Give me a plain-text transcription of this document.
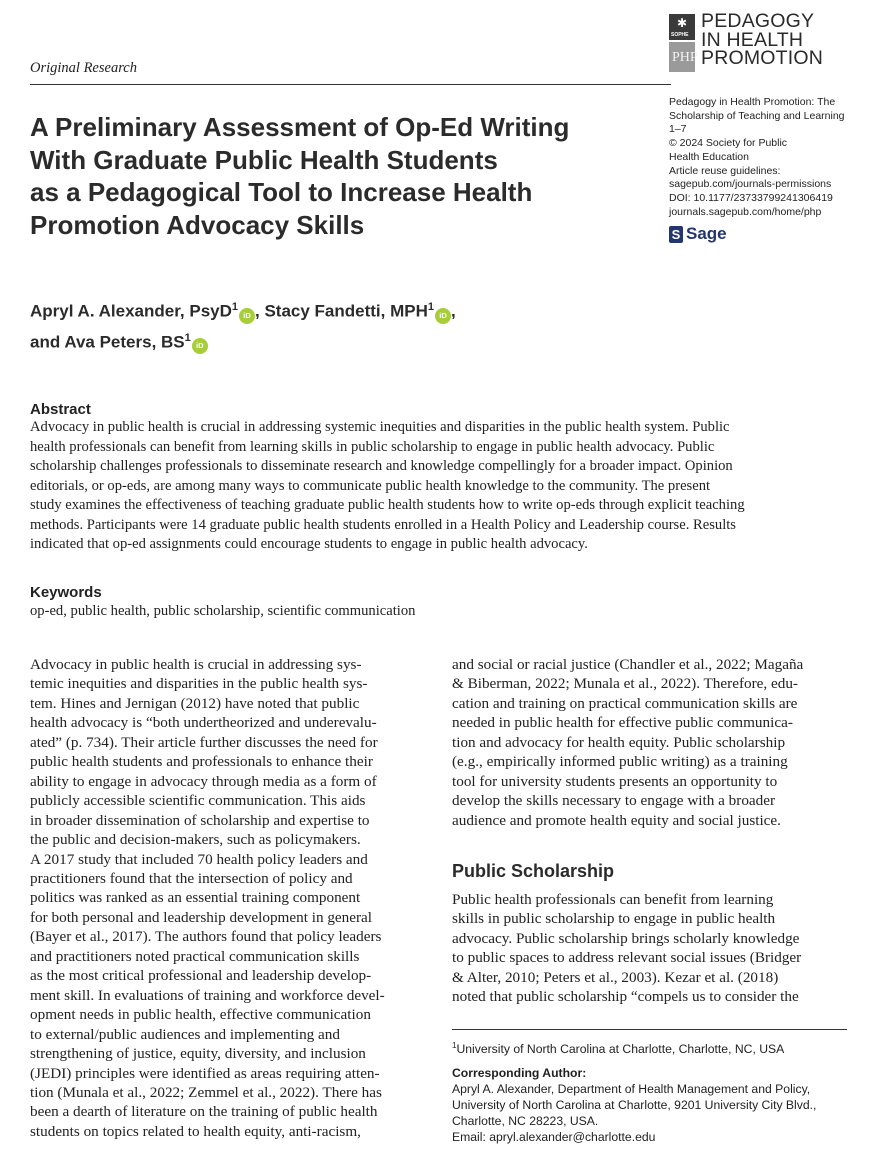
✱
SOPHE
PHP
PEDAGOGY
IN HEALTH
PROMOTION
Original Research
A Preliminary Assessment of Op-Ed Writing
With Graduate Public Health Students
as a Pedagogical Tool to Increase Health
Promotion Advocacy Skills
Pedagogy in Health Promotion: The
Scholarship of Teaching and Learning
1–7
© 2024 Society for Public
Health Education
Article reuse guidelines:
sagepub.com/journals-permissions
DOI: 10.1177/23733799241306419
journals.sagepub.com/home/php
S Sage
Apryl A. Alexander, PsyD$^1$iD , Stacy Fandetti, MPH$^1$iD ,
and Ava Peters, $BS^1iD$
Abstract
Advocacy in public health is crucial in addressing systemic inequities and disparities in the public health system. Public
health professionals can benefit from learning skills in public scholarship to engage in public health advocacy. Public
scholarship challenges professionals to disseminate research and knowledge compellingly for a broader impact. Opinion
editorials, or op-eds, are among many ways to communicate public health knowledge to the community. The present
study examines the effectiveness of teaching graduate public health students how to write op-eds through explicit teaching
methods. Participants were 14 graduate public health students enrolled in a Health Policy and Leadership course. Results
indicated that op-ed assignments could encourage students to engage in public health advocacy.
Keywords
op-ed, public health, public scholarship, scientific communication
Advocacy in public health is crucial in addressing sys-
temic inequities and disparities in the public health sys-
tem. Hines and Jernigan (2012) have noted that public
health advocacy is “both undertheorized and underevalu-
ated” (p. 734). Their article further discusses the need for
public health students and professionals to enhance their
ability to engage in advocacy through media as a form of
publicly accessible scientific communication. This aids
in broader dissemination of scholarship and expertise to
the public and decision-makers, such as policymakers.
A 2017 study that included 70 health policy leaders and
practitioners found that the intersection of policy and
politics was ranked as an essential training component
for both personal and leadership development in general
(Bayer et al., 2017). The authors found that policy leaders
and practitioners noted practical communication skills
as the most critical professional and leadership develop-
ment skill. In evaluations of training and workforce devel-
opment needs in public health, effective communication
to external/public audiences and implementing and
strengthening of justice, equity, diversity, and inclusion
(JEDI) principles were identified as areas requiring atten-
tion (Munala et al., 2022; Zemmel et al., 2022). There has
been a dearth of literature on the training of public health
students on topics related to health equity, anti-racism,
and social or racial justice (Chandler et al., 2022; Magaña
& Biberman, 2022; Munala et al., 2022). Therefore, edu-
cation and training on practical communication skills are
needed in public health for effective public communica-
tion and advocacy for health equity. Public scholarship
(e.g., empirically informed public writing) as a training
tool for university students presents an opportunity to
develop the skills necessary to engage with a broader
audience and promote health equity and social justice.
Public Scholarship
Public health professionals can benefit from learning
skills in public scholarship to engage in public health
advocacy. Public scholarship brings scholarly knowledge
to public spaces to address relevant social issues (Bridger
& Alter, 2010; Peters et al., 2003). Kezar et al. (2018)
noted that public scholarship “compels us to consider the
$^1$University of North Carolina at Charlotte, Charlotte, NC, USA
Corresponding Author:
Apryl A. Alexander, Department of Health Management and Policy,
University of North Carolina at Charlotte, 9201 University City Blvd.,
Charlotte, NC 28223, USA.
Email: apryl.alexander@charlotte.edu
